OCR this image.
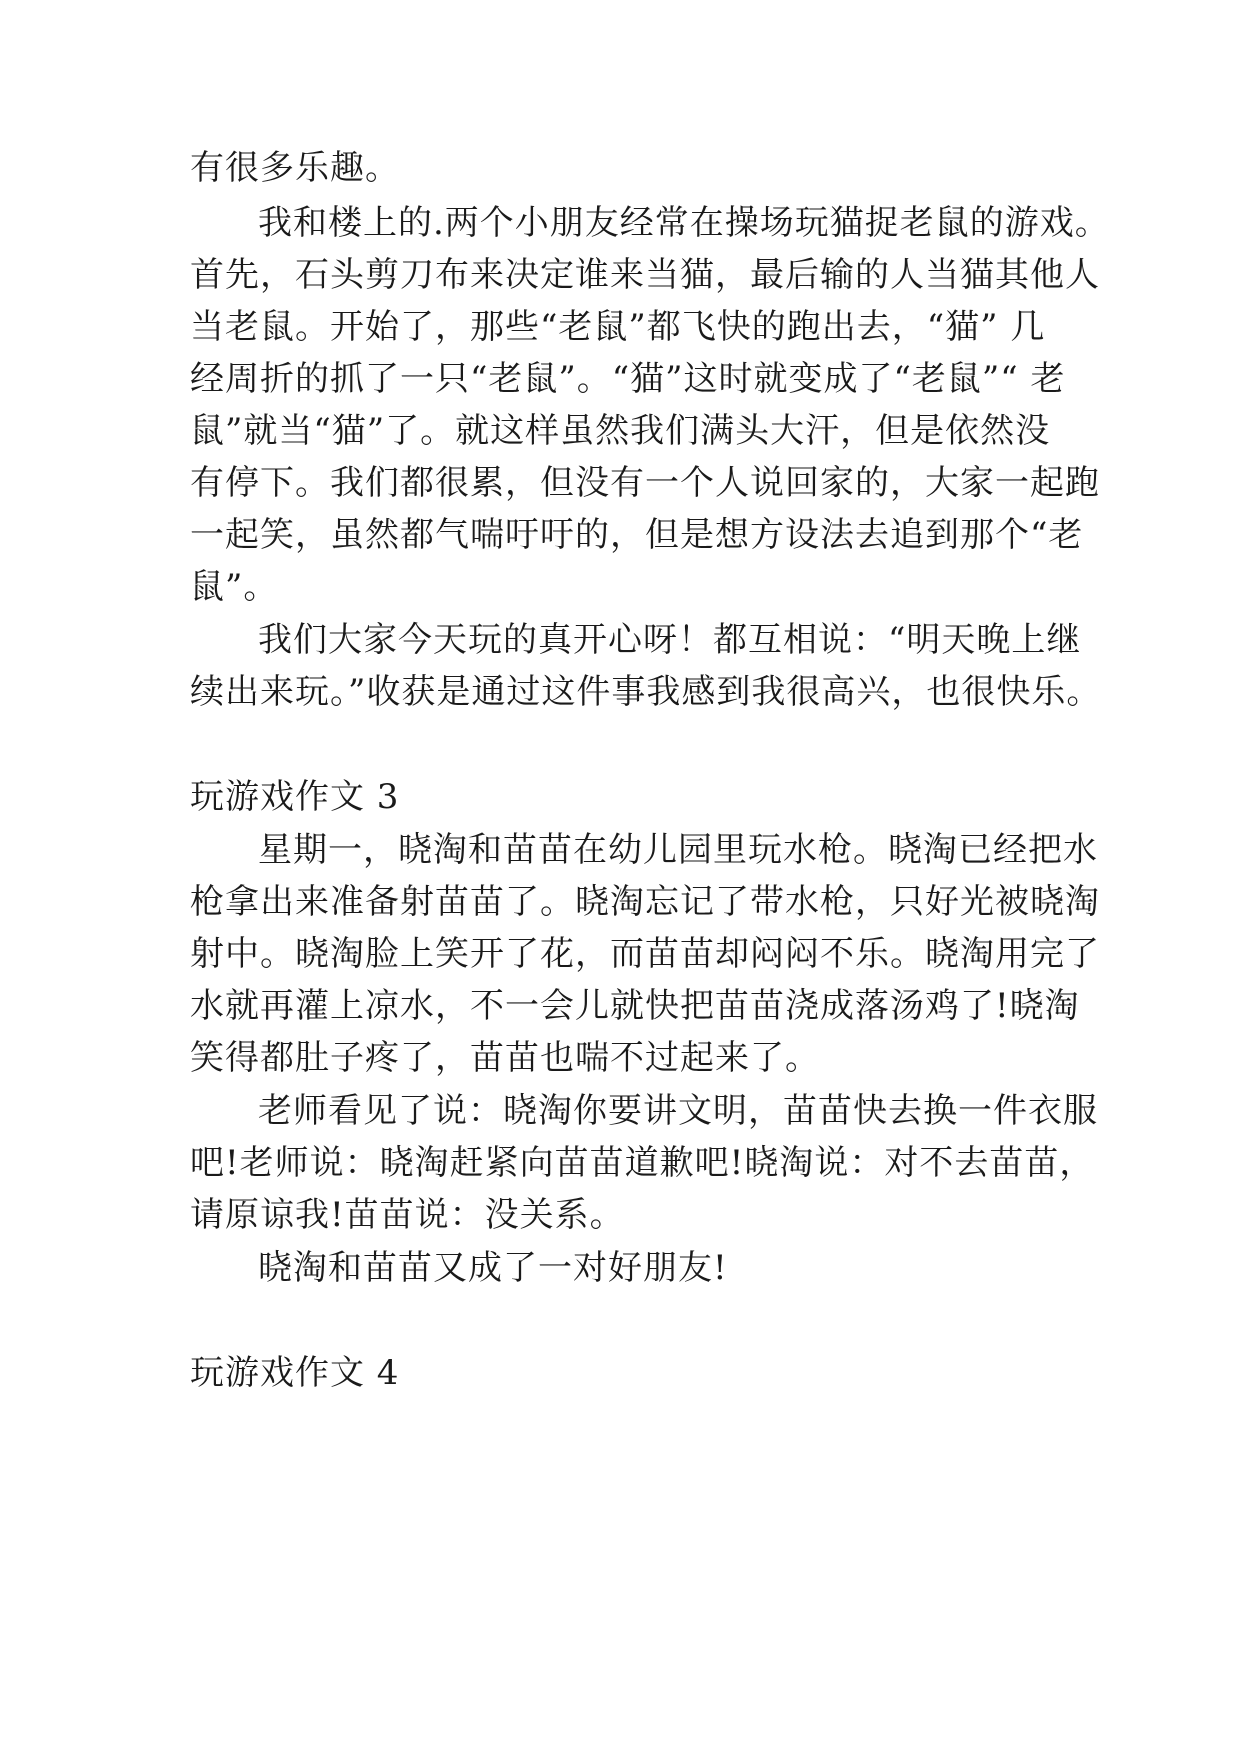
有很多乐趣。
我和楼上的.两个小朋友经常在操场玩猫捉老鼠的游戏。
首先，石头剪刀布来决定谁来当猫，最后输的人当猫其他人
当老鼠。开始了，那些“老鼠”都飞快的跑出去，“猫” 几
经周折的抓了一只“老鼠”。“猫”这时就变成了“老鼠”“ 老
鼠”就当“猫”了。就这样虽然我们满头大汗，但是依然没
有停下。我们都很累，但没有一个人说回家的，大家一起跑
一起笑，虽然都气喘吁吁的，但是想方设法去追到那个“老
鼠”。
我们大家今天玩的真开心呀！都互相说：“明天晚上继
续出来玩。”收获是通过这件事我感到我很高兴，也很快乐。
玩游戏作文 3
星期一，晓淘和苗苗在幼儿园里玩水枪。晓淘已经把水
枪拿出来准备射苗苗了。晓淘忘记了带水枪，只好光被晓淘
射中。晓淘脸上笑开了花，而苗苗却闷闷不乐。晓淘用完了
水就再灌上凉水，不一会儿就快把苗苗浇成落汤鸡了!晓淘
笑得都肚子疼了，苗苗也喘不过起来了。
老师看见了说：晓淘你要讲文明，苗苗快去换一件衣服
吧!老师说：晓淘赶紧向苗苗道歉吧!晓淘说：对不去苗苗，
请原谅我!苗苗说：没关系。
晓淘和苗苗又成了一对好朋友!
玩游戏作文 4
